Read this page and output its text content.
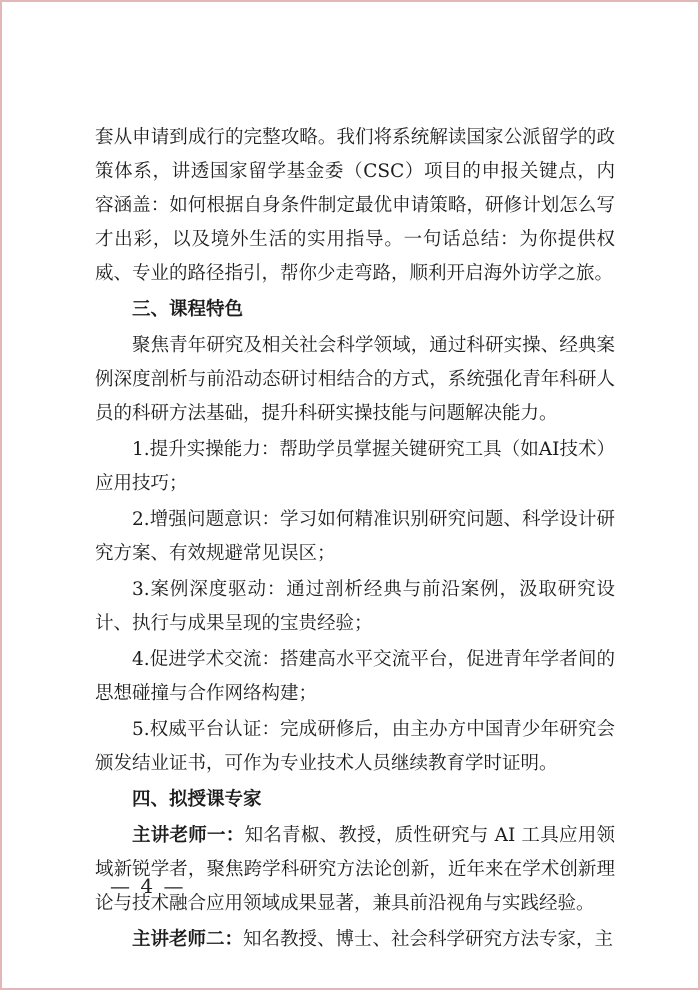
套从申请到成行的完整攻略。我们将系统解读国家公派留学的政策体系，讲透国家留学基金委（CSC）项目的申报关键点，内容涵盖：如何根据自身条件制定最优申请策略，研修计划怎么写才出彩，以及境外生活的实用指导。一句话总结：为你提供权威、专业的路径指引，帮你少走弯路，顺利开启海外访学之旅。

三、课程特色

聚焦青年研究及相关社会科学领域，通过科研实操、经典案例深度剖析与前沿动态研讨相结合的方式，系统强化青年科研人员的科研方法基础，提升科研实操技能与问题解决能力。

1.提升实操能力：帮助学员掌握关键研究工具（如AI技术）应用技巧；

2.增强问题意识：学习如何精准识别研究问题、科学设计研究方案、有效规避常见误区；

3.案例深度驱动：通过剖析经典与前沿案例，汲取研究设计、执行与成果呈现的宝贵经验；

4.促进学术交流：搭建高水平交流平台，促进青年学者间的思想碰撞与合作网络构建；

5.权威平台认证：完成研修后，由主办方中国青少年研究会颁发结业证书，可作为专业技术人员继续教育学时证明。

四、拟授课专家

主讲老师一：知名青椒、教授，质性研究与 AI 工具应用领域新锐学者，聚焦跨学科研究方法论创新，近年来在学术创新理论与技术融合应用领域成果显著，兼具前沿视角与实践经验。

主讲老师二：知名教授、博士、社会科学研究方法专家，主

— 4 —
